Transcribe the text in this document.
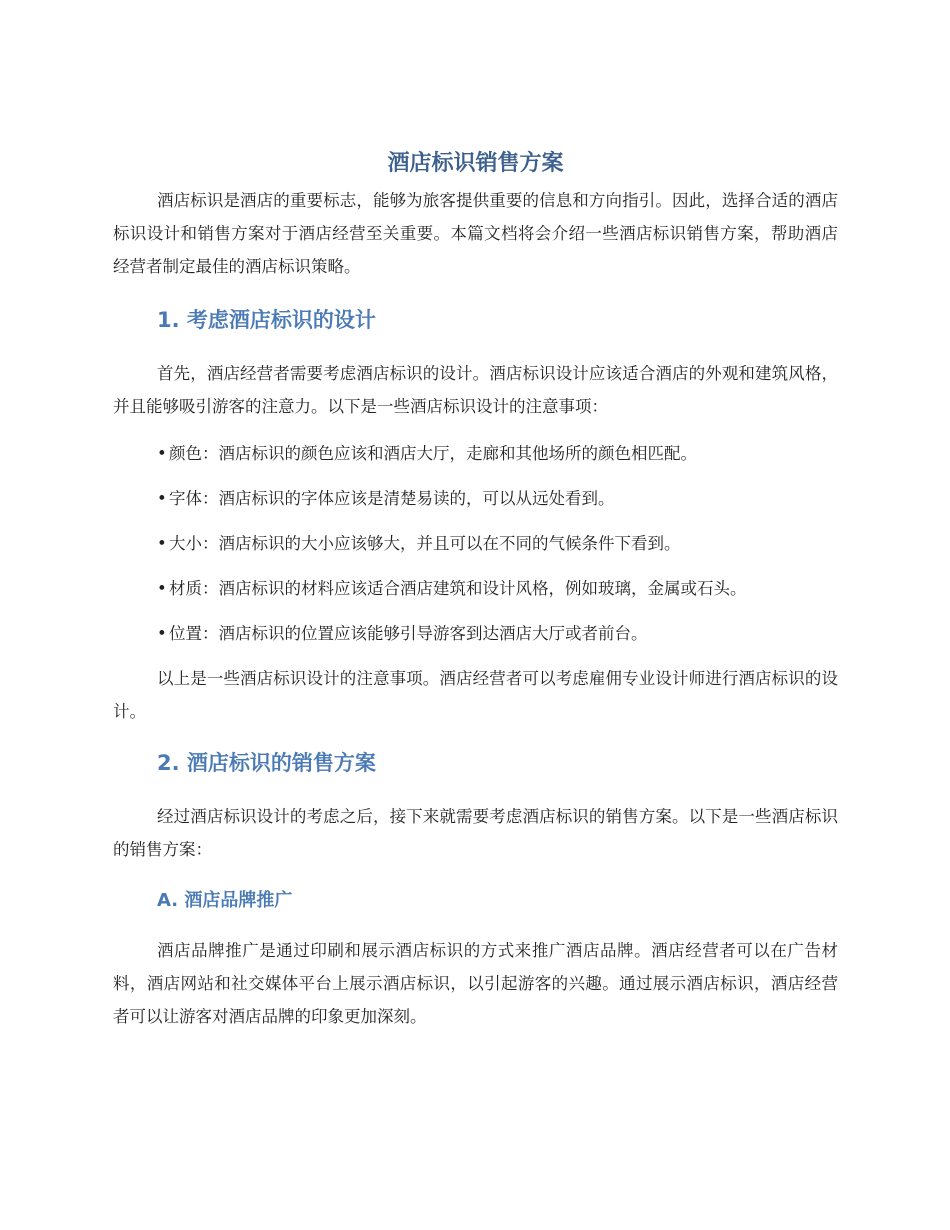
酒店标识销售方案

酒店标识是酒店的重要标志，能够为旅客提供重要的信息和方向指引。因此，选择合适的酒店标识设计和销售方案对于酒店经营至关重要。本篇文档将会介绍一些酒店标识销售方案，帮助酒店经营者制定最佳的酒店标识策略。

1. 考虑酒店标识的设计

首先，酒店经营者需要考虑酒店标识的设计。酒店标识设计应该适合酒店的外观和建筑风格，并且能够吸引游客的注意力。以下是一些酒店标识设计的注意事项：

• 颜色：酒店标识的颜色应该和酒店大厅，走廊和其他场所的颜色相匹配。
• 字体：酒店标识的字体应该是清楚易读的，可以从远处看到。
• 大小：酒店标识的大小应该够大，并且可以在不同的气候条件下看到。
• 材质：酒店标识的材料应该适合酒店建筑和设计风格，例如玻璃，金属或石头。
• 位置：酒店标识的位置应该能够引导游客到达酒店大厅或者前台。

以上是一些酒店标识设计的注意事项。酒店经营者可以考虑雇佣专业设计师进行酒店标识的设计。

2. 酒店标识的销售方案

经过酒店标识设计的考虑之后，接下来就需要考虑酒店标识的销售方案。以下是一些酒店标识的销售方案：

A. 酒店品牌推广

酒店品牌推广是通过印刷和展示酒店标识的方式来推广酒店品牌。酒店经营者可以在广告材料，酒店网站和社交媒体平台上展示酒店标识，以引起游客的兴趣。通过展示酒店标识，酒店经营者可以让游客对酒店品牌的印象更加深刻。
